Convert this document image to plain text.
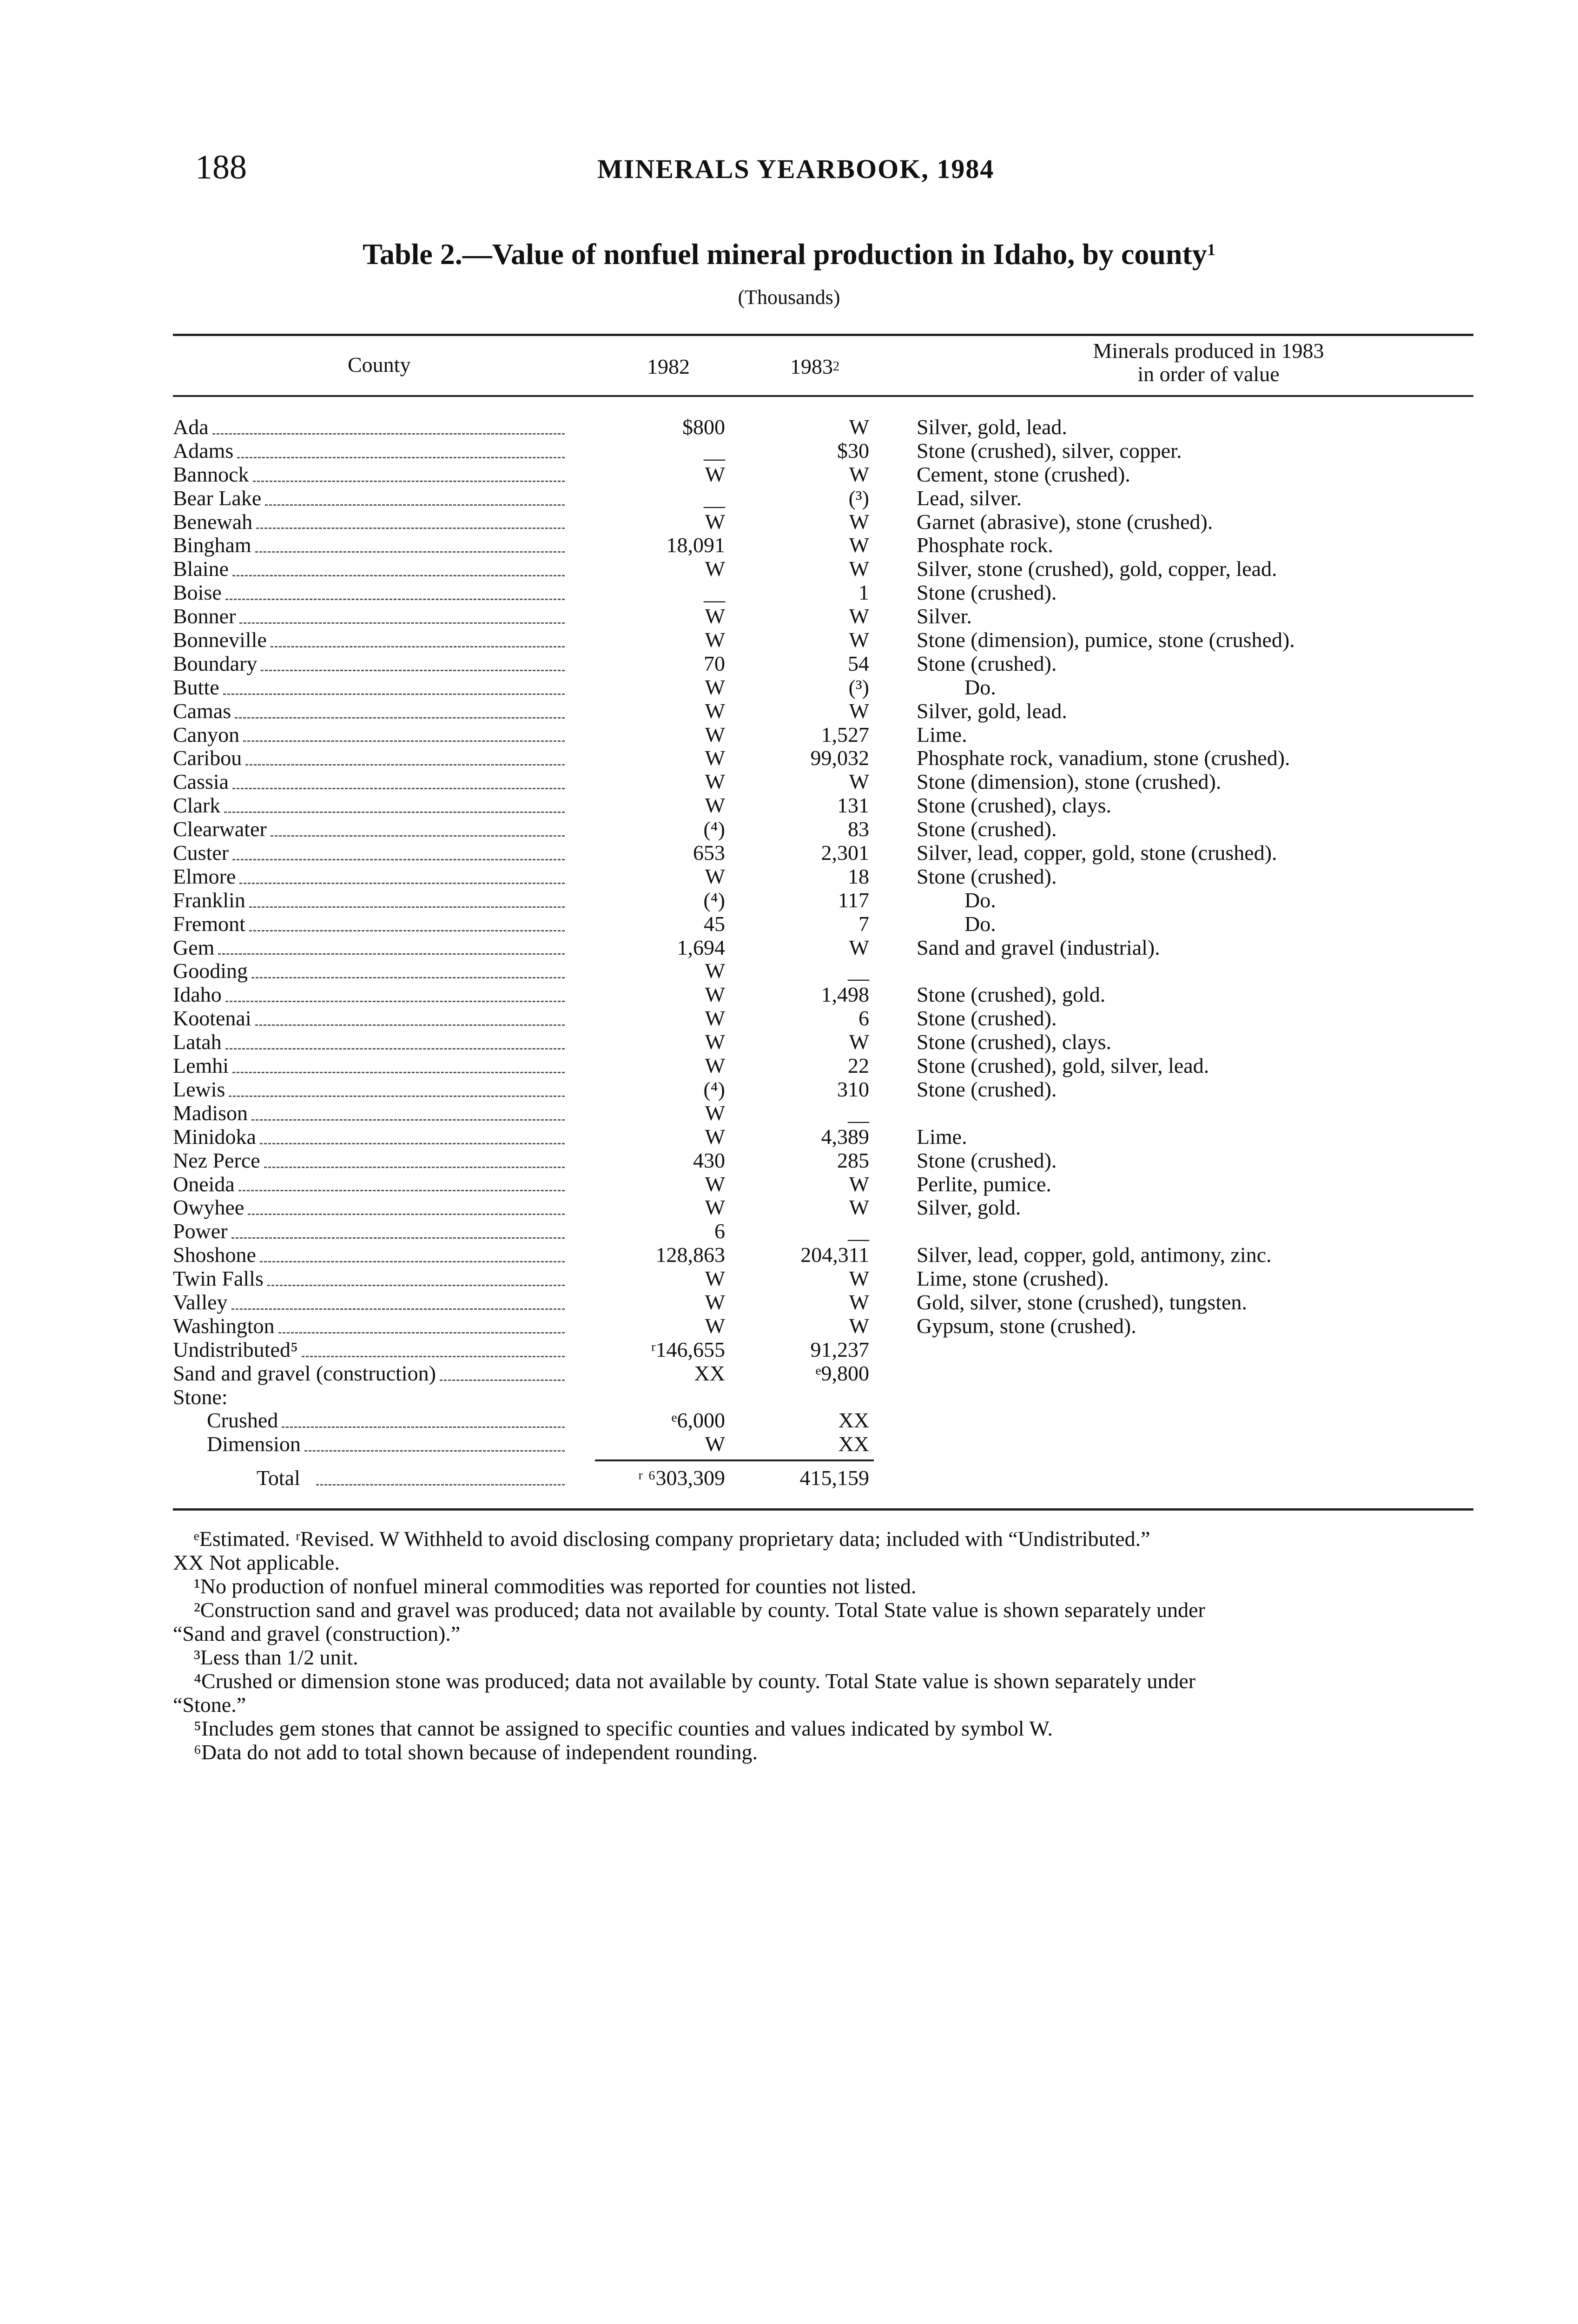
188	MINERALS YEARBOOK, 1984
Table 2.—Value of nonfuel mineral production in Idaho, by county$^1$
(Thousands)
County	1982	1983$^2$
Minerals produced in 1983
in order of value
Ada	$800	W Silver, gold, lead.
Adams	__	$30 Stone (crushed), silver, copper.
Bannock	W	W Cement, stone (crushed).
Bear Lake	__	(³) Lead, silver.
Benewah	W	W Garnet (abrasive), stone (crushed).
Bingham	18,091	W Phosphate rock.
Blaine	W	W Silver, stone (crushed), gold, copper, lead.
Boise	__	1 Stone (crushed).
Bonner	W	W Silver.
Bonneville	W	W Stone (dimension), pumice, stone (crushed).
Boundary	70	54 Stone (crushed).
Butte	W	(³)	Do.
Camas	W	W Silver, gold, lead.
Canyon	W	1,527 Lime.
Caribou	W	99,032 Phosphate rock, vanadium, stone (crushed).
Cassia	W	W Stone (dimension), stone (crushed).
Clark	W	131 Stone (crushed), clays.
Clearwater	(⁴)	83 Stone (crushed).
Custer	653	2,301 Silver, lead, copper, gold, stone (crushed).
Elmore	W	18 Stone (crushed).
Franklin	(⁴)	117	Do.
Fremont	45	7	Do.
Gem	1,694	W Sand and gravel (industrial).
Gooding	W	__
Idaho	W	1,498 Stone (crushed), gold.
Kootenai	W	6 Stone (crushed).
Latah	W	W Stone (crushed), clays.
Lemhi	W	22 Stone (crushed), gold, silver, lead.
Lewis	(⁴)	310 Stone (crushed).
Madison	W	__
Minidoka	W	4,389 Lime.
Nez Perce	430	285 Stone (crushed).
Oneida	W	W Perlite, pumice.
Owyhee	W	W Silver, gold.
Power	6	__
Shoshone	128,863	204,311 Silver, lead, copper, gold, antimony, zinc.
Twin Falls	W	W Lime, stone (crushed).
Valley	W	W Gold, silver, stone (crushed), tungsten.
Washington	W	W Gypsum, stone (crushed).
Undistributed⁵	ʳ146,655	91,237
Sand and gravel (construction)	XX	ᵉ9,800
Stone:
Crushed	ᵉ6,000	XX
Dimension	W	XX
Total	ʳ ⁶303,309	415,159
ᵉEstimated. ʳRevised. W Withheld to avoid disclosing company proprietary data; included with “Undistributed.”
XX Not applicable.
¹No production of nonfuel mineral commodities was reported for counties not listed.
²Construction sand and gravel was produced; data not available by county. Total State value is shown separately under
“Sand and gravel (construction).”
³Less than 1/2 unit.
⁴Crushed or dimension stone was produced; data not available by county. Total State value is shown separately under
“Stone.”
⁵Includes gem stones that cannot be assigned to specific counties and values indicated by symbol W.
⁶Data do not add to total shown because of independent rounding.
